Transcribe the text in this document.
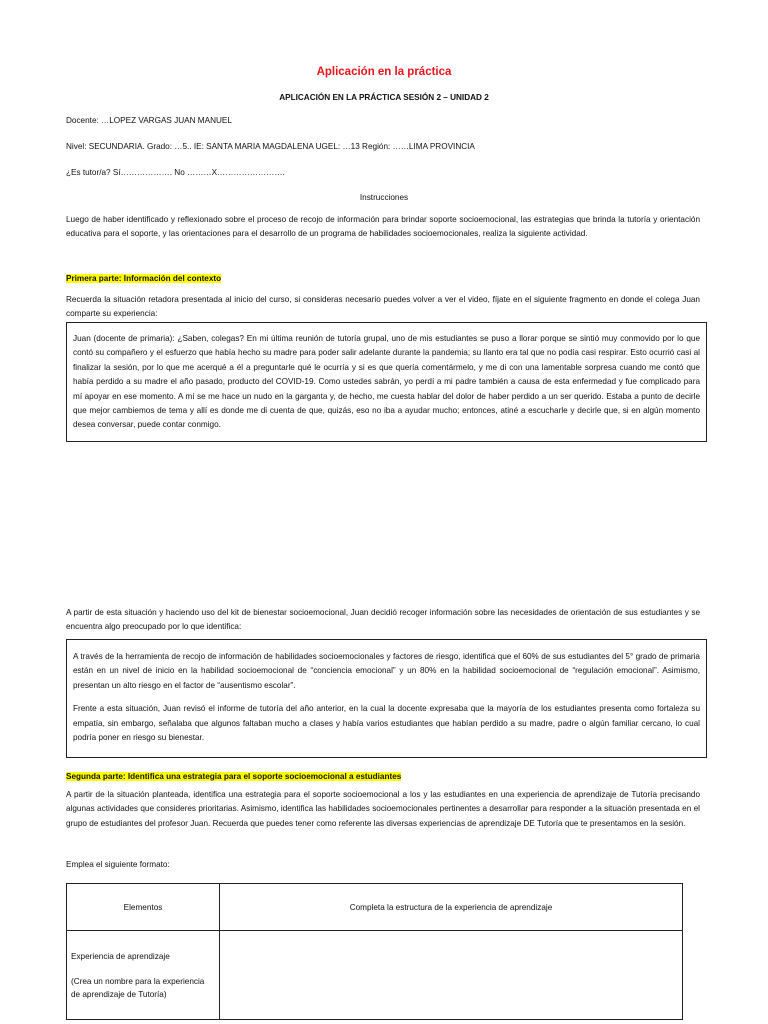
Aplicación en la práctica
APLICACIÓN EN LA PRÁCTICA SESIÓN 2 – UNIDAD 2
Docente: …LOPEZ VARGAS JUAN MANUEL
Nivel: SECUNDARIA. Grado: …5.. IE: SANTA MARIA MAGDALENA UGEL: …13 Región: ……LIMA PROVINCIA
¿Es tutor/a? Sí………………. No ………X…………………….
Instrucciones
Luego de haber identificado y reflexionado sobre el proceso de recojo de información para brindar soporte socioemocional, las estrategias que brinda la tutoría y orientación educativa para el soporte, y las orientaciones para el desarrollo de un programa de habilidades socioemocionales, realiza la siguiente actividad.
Primera parte: Información del contexto
Recuerda la situación retadora presentada al inicio del curso, si consideras necesario puedes volver a ver el video, fíjate en el siguiente fragmento en donde el colega Juan comparte su experiencia:

Juan (docente de primaria): ¿Saben, colegas? En mi última reunión de tutoría grupal, uno de mis estudiantes se puso a llorar porque se sintió muy conmovido por lo que contó su compañero y el esfuerzo que había hecho su madre para poder salir adelante durante la pandemia; su llanto era tal que no podía casi respirar. Esto ocurrió casi al finalizar la sesión, por lo que me acerqué a él a preguntarle qué le ocurría y si es que quería comentármelo, y me di con una lamentable sorpresa cuando me contó que había perdido a su madre el año pasado, producto del COVID-19. Como ustedes sabrán, yo perdí a mi padre también a causa de esta enfermedad y fue complicado para mí apoyar en ese momento. A mí se me hace un nudo en la garganta y, de hecho, me cuesta hablar del dolor de haber perdido a un ser querido. Estaba a punto de decirle que mejor cambiemos de tema y allí es donde me di cuenta de que, quizás, eso no iba a ayudar mucho; entonces, atiné a escucharle y decirle que, si en algún momento desea conversar, puede contar conmigo.

A partir de esta situación y haciendo uso del kit de bienestar socioemocional, Juan decidió recoger información sobre las necesidades de orientación de sus estudiantes y se encuentra algo preocupado por lo que identifica:

A través de la herramienta de recojo de información de habilidades socioemocionales y factores de riesgo, identifica que el 60% de sus estudiantes del 5° grado de primaria están en un nivel de inicio en la habilidad socioemocional de “conciencia emocional” y un 80% en la habilidad socioemocional de “regulación emocional”. Asimismo, presentan un alto riesgo en el factor de “ausentismo escolar”.

Frente a esta situación, Juan revisó el informe de tutoría del año anterior, en la cual la docente expresaba que la mayoría de los estudiantes presenta como fortaleza su empatía, sin embargo, señalaba que algunos faltaban mucho a clases y había varios estudiantes que habían perdido a su madre, padre o algún familiar cercano, lo cual podría poner en riesgo su bienestar.

Segunda parte: Identifica una estrategia para el soporte socioemocional a estudiantes
A partir de la situación planteada, identifica una estrategia para el soporte socioemocional a los y las estudiantes en una experiencia de aprendizaje de Tutoría precisando algunas actividades que consideres prioritarias. Asimismo, identifica las habilidades socioemocionales pertinentes a desarrollar para responder a la situación presentada en el grupo de estudiantes del profesor Juan. Recuerda que puedes tener como referente las diversas experiencias de aprendizaje DE Tutoría que te presentamos en la sesión.
Emplea el siguiente formato:
Elementos	Completa la estructura de la experiencia de aprendizaje

Experiencia de aprendizaje
(Crea un nombre para la experiencia de aprendizaje de Tutoría)	
